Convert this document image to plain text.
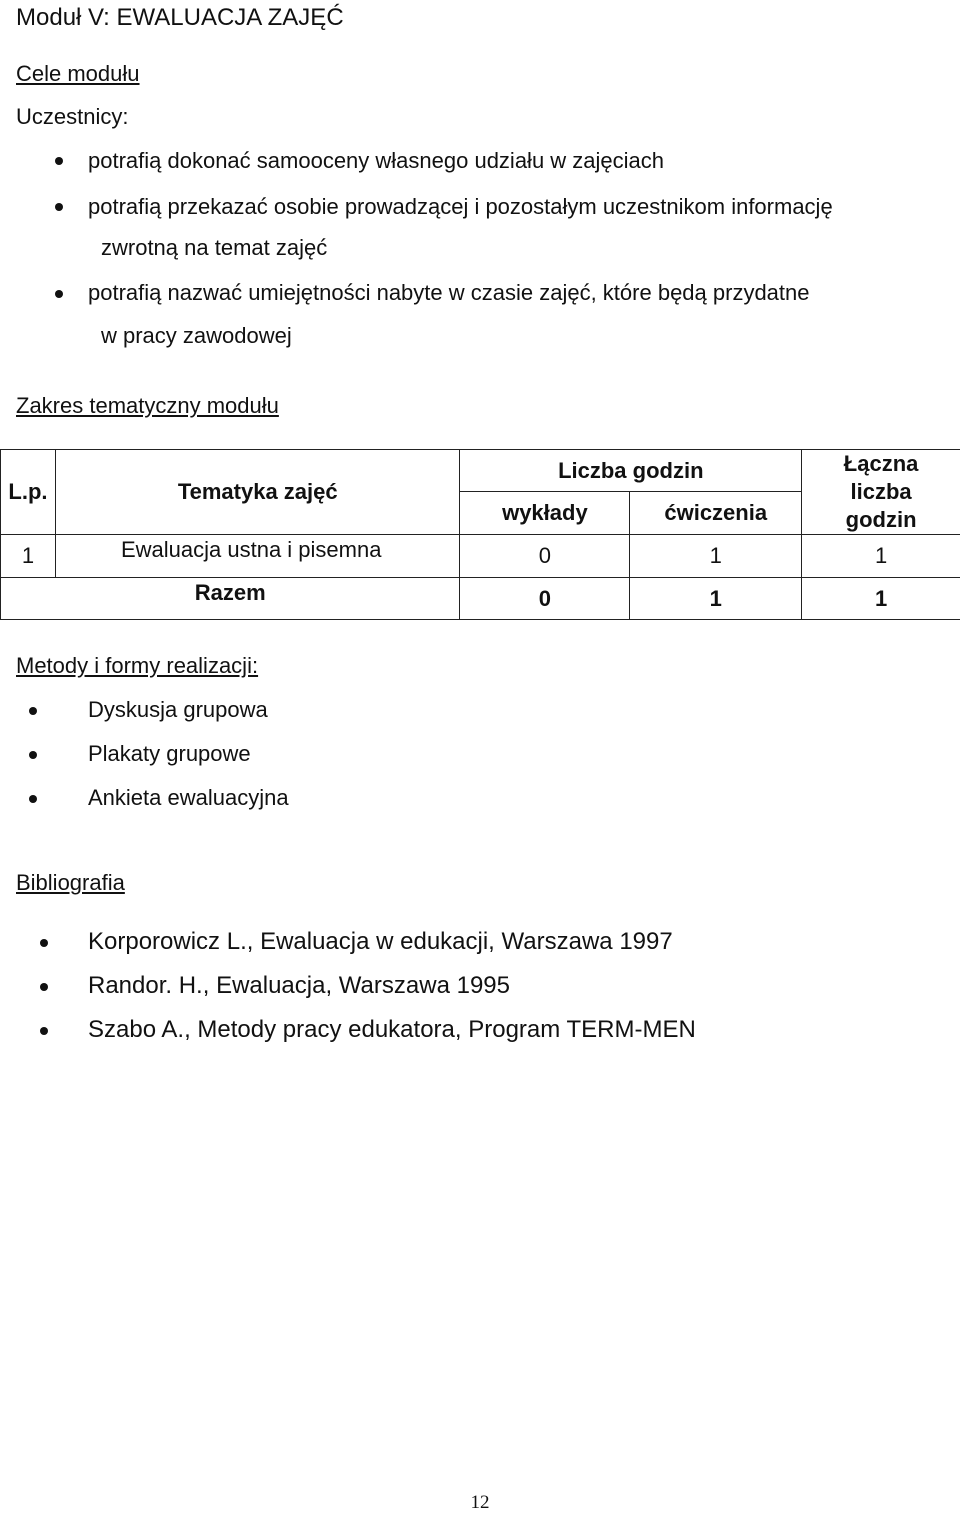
Moduł V: EWALUACJA ZAJĘĆ
Cele modułu
Uczestnicy:
potrafią dokonać samooceny własnego udziału w zajęciach
potrafią przekazać osobie prowadzącej i pozostałym uczestnikom informację
zwrotną na temat zajęć
potrafią nazwać umiejętności nabyte w czasie zajęć, które będą przydatne
w pracy zawodowej
Zakres tematyczny modułu
L.p.	Tematyka zajęć	Liczba godzin		Łączna
liczba
godzin

		wykłady	ćwiczenia	
1	Ewaluacja ustna i pisemna	0	1	1
Razem		0	1	1
Metody i formy realizacji:
Dyskusja grupowa
Plakaty grupowe
Ankieta ewaluacyjna
Bibliografia
Korporowicz L., Ewaluacja w edukacji, Warszawa 1997
Randor. H., Ewaluacja, Warszawa 1995
Szabo A., Metody pracy edukatora, Program TERM-MEN
12
